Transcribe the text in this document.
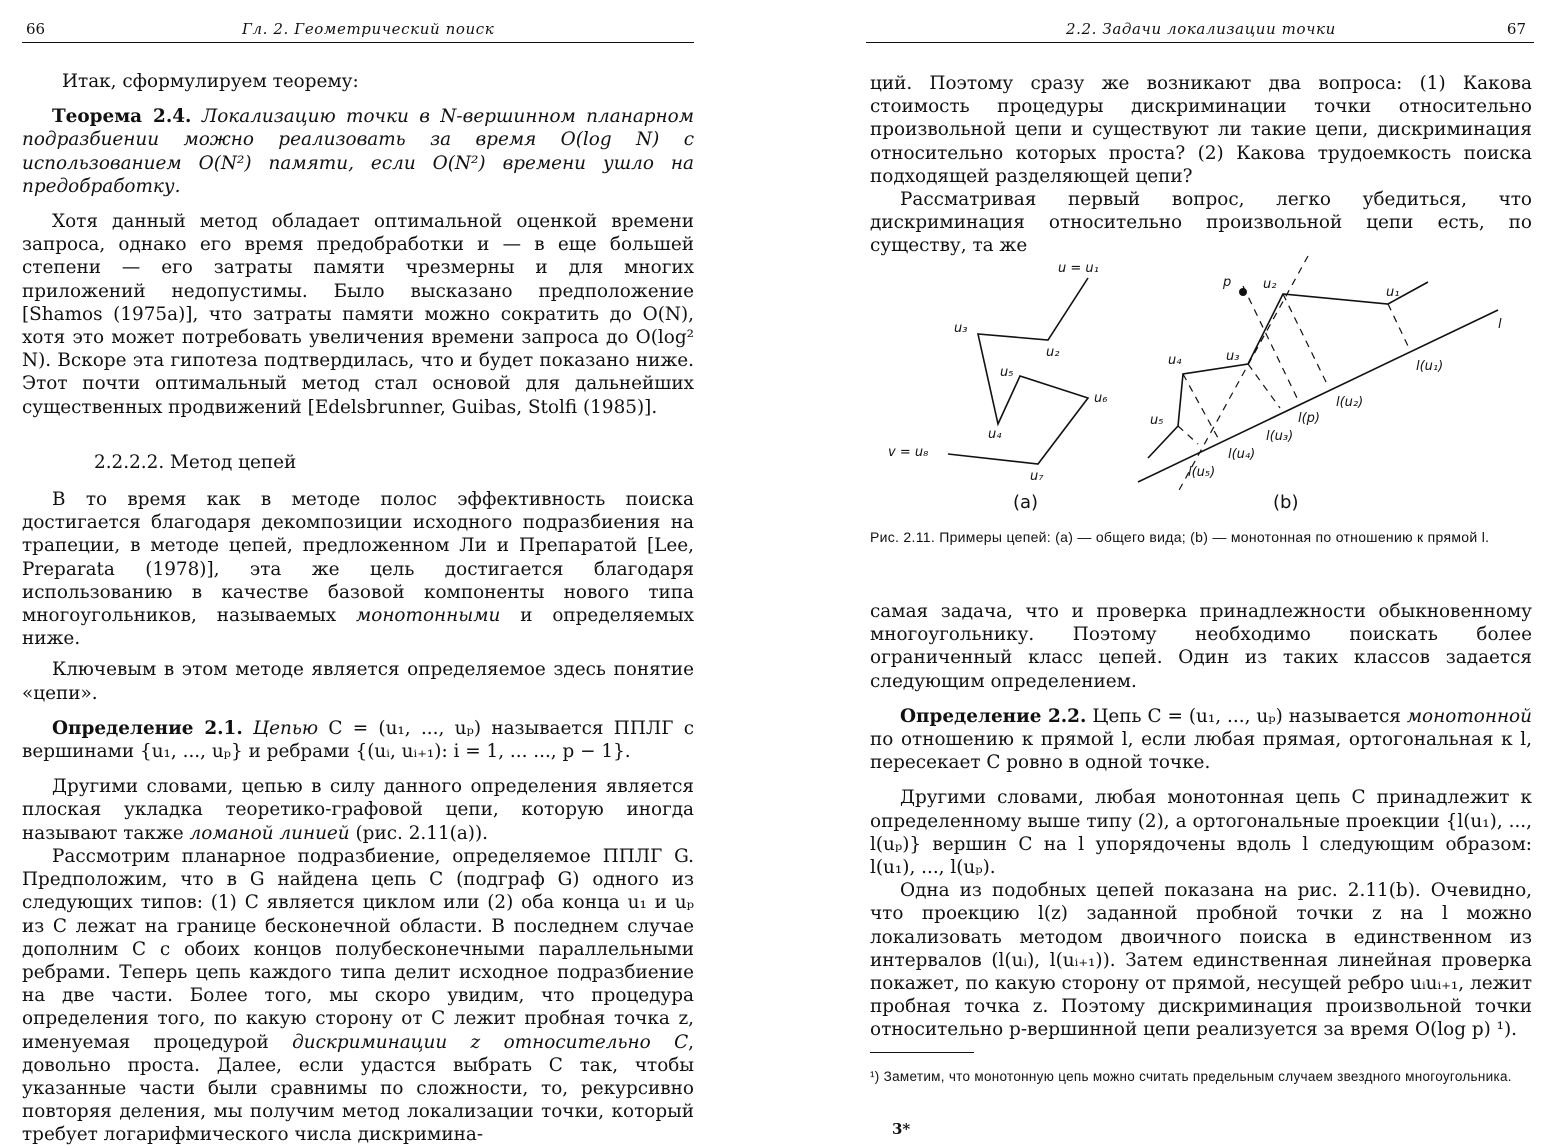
66	Гл. 2. Геометрический поиск

Итак, сформулируем теорему:

Теорема 2.4. Локализацию точки в N-вершинном планарном подразбиении можно реализовать за время O(log N) с использованием O(N²) памяти, если O(N²) времени ушло на предобработку.

Хотя данный метод обладает оптимальной оценкой времени запроса, однако его время предобработки и — в еще большей степени — его затраты памяти чрезмерны и для многих приложений недопустимы. Было высказано предположение [Shamos (1975a)], что затраты памяти можно сократить до O(N), хотя это может потребовать увеличения времени запроса до O(log² N). Вскоре эта гипотеза подтвердилась, что и будет показано ниже. Этот почти оптимальный метод стал основой для дальнейших существенных продвижений [Edelsbrunner, Guibas, Stolfi (1985)].

2.2.2.2. Метод цепей

В то время как в методе полос эффективность поиска достигается благодаря декомпозиции исходного подразбиения на трапеции, в методе цепей, предложенном Ли и Препаратой [Lee, Preparata (1978)], эта же цель достигается благодаря использованию в качестве базовой компоненты нового типа многоугольников, называемых монотонными и определяемых ниже.

Ключевым в этом методе является определяемое здесь понятие «цепи».

Определение 2.1. Цепью C = (u₁, ..., uₚ) называется ППЛГ с вершинами {u₁, ..., uₚ} и ребрами {(uᵢ, uᵢ₊₁): i = 1, ... ..., p − 1}.

Другими словами, цепью в силу данного определения является плоская укладка теоретико-графовой цепи, которую иногда называют также ломаной линией (рис. 2.11(a)).

Рассмотрим планарное подразбиение, определяемое ППЛГ G. Предположим, что в G найдена цепь C (подграф G) одного из следующих типов: (1) C является циклом или (2) оба конца u₁ и uₚ из C лежат на границе бесконечной области. В последнем случае дополним C с обоих концов полубесконечными параллельными ребрами. Теперь цепь каждого типа делит исходное подразбиение на две части. Более того, мы скоро увидим, что процедура определения того, по какую сторону от C лежит пробная точка z, именуемая процедурой дискриминации z относительно C, довольно проста. Далее, если удастся выбрать C так, чтобы указанные части были сравнимы по сложности, то, рекурсивно повторяя деления, мы получим метод локализации точки, который требует логарифмического числа дискримина-

2.2. Задачи локализации точки	67

ций. Поэтому сразу же возникают два вопроса: (1) Какова стоимость процедуры дискриминации точки относительно произвольной цепи и существуют ли такие цепи, дискриминация относительно которых проста? (2) Какова трудоемкость поиска подходящей разделяющей цепи?

Рассматривая первый вопрос, легко убедиться, что дискриминация относительно произвольной цепи есть, по существу, та же

u = u₁
u₂
u₃
u₄
u₅
u₆
u₇
v = u₈
(a)
p u₂
u₁
l
u₃
u₄
u₅
l(u₁)
l(u₂)
l(p)
l(u₃)
l(u₄)
l(u₅)
(b)
Рис. 2.11. Примеры цепей: (a) — общего вида; (b) — монотонная по отношению к прямой l.

самая задача, что и проверка принадлежности обыкновенному многоугольнику. Поэтому необходимо поискать более ограниченный класс цепей. Один из таких классов задается следующим определением.

Определение 2.2. Цепь C = (u₁, ..., uₚ) называется монотонной по отношению к прямой l, если любая прямая, ортогональная к l, пересекает C ровно в одной точке.

Другими словами, любая монотонная цепь C принадлежит к определенному выше типу (2), а ортогональные проекции {l(u₁), ..., l(uₚ)} вершин C на l упорядочены вдоль l следующим образом: l(u₁), ..., l(uₚ).

Одна из подобных цепей показана на рис. 2.11(b). Очевидно, что проекцию l(z) заданной пробной точки z на l можно локализовать методом двоичного поиска в единственном из интервалов (l(uᵢ), l(uᵢ₊₁)). Затем единственная линейная проверка покажет, по какую сторону от прямой, несущей ребро uᵢuᵢ₊₁, лежит пробная точка z. Поэтому дискриминация произвольной точки относительно p-вершинной цепи реализуется за время O(log p) ¹).

¹) Заметим, что монотонную цепь можно считать предельным случаем звездного многоугольника.
3*
